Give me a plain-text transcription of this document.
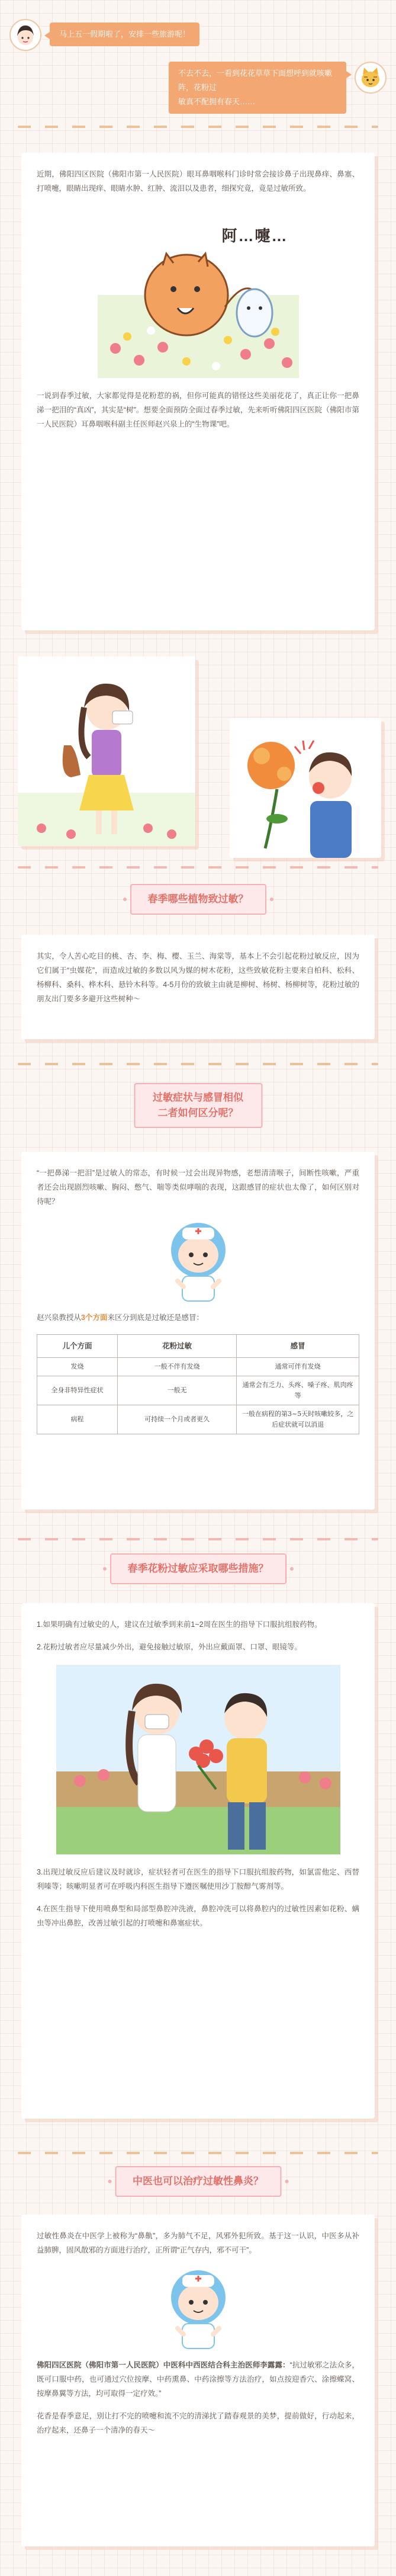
马上五一假期啦了，安排一些旅游呢！
不去不去，一看到花花草草下面想呼到就咳嗽阵，花粉过
敏真不配拥有春天……

近期，佛阳四区医院（佛阳市第一人民医院）眼耳鼻咽喉科门诊时常会接诊鼻子出现鼻痒、鼻塞、打喷嚏，眼睛出现痒、眼睛水肿、红肿、流泪以及患者，细探究竟，竟是过敏所致。

阿…嚏…

一说到春季过敏，大家都觉得是花粉惹的祸，但你可能真的错怪这些美丽花花了，真正让你一把鼻涕一把泪的“真凶”，其实是“树”。想要全面预防全面过春季过敏，先来听听佛阳四区医院（佛阳市第一人民医院）耳鼻咽喉科副主任医师赵兴泉上的“生物课”吧。

春季哪些植物致过敏？

其实，令人苦心吃目的桃、杏、李、梅、樱、玉兰、海棠等，基本上不会引起花粉过敏反应，因为它们属于“虫媒花”，而造成过敏的多数以风为媒的树木花粉，这些致敏花粉主要来自柏科、松科、杨柳科、桑科、桦木科、悬铃木科等。4-5月份的致敏主由就是柳树、杨树、杨柳树等，花粉过敏的朋友出门要多多避开这些树种～

过敏症状与感冒相似
二者如何区分呢？

“一把鼻涕一把泪”是过敏人的常态，有时候一过会出现异物感，老想清清喉子，间断性咳嗽，严重者还会出现剧烈咳嗽、胸闷、憋气、喘等类似哮喘的表现，这跟感冒的症状也太像了，如何区别对待呢？

赵兴泉教授从3个方面来区分到底是过敏还是感冒：

儿个方面	花粉过敏	感冒
发烧	一般不伴有发烧	通常可伴有发烧
全身非特异性症状	一般无	通常会有乏力、头疼、嗓子疼、肌肉疼等
病程	可持续一个月或者更久	一般在病程的第3~5天时咳嗽较多，之后症状就可以消退
春季花粉过敏应采取哪些措施？

1.如果明确有过敏史的人，建议在过敏季到来前1~2周在医生的指导下口服抗组胺药物。

2.花粉过敏者应尽量减少外出，避免接触过敏原，外出应戴面罩、口罩、眼镜等。

3.出现过敏反应后建议及时就诊，症状轻者可在医生的指导下口服抗组胺药物，如氯雷他定、西替利嗪等；咳嗽明显者可在呼吸内科医生指导下遵医嘱使用沙丁胺醇气雾剂等。

4.在医生指导下使用喷鼻型和局部型鼻腔冲洗液，鼻腔冲洗可以将鼻腔内的过敏性因素如花粉、螨虫等冲出鼻腔，改善过敏引起的打喷嚏和鼻塞症状。

中医也可以治疗过敏性鼻炎？

过敏性鼻炎在中医学上被称为“鼻鼽”，多为肺气不足，风邪外犯所致。基于这一认识，中医多从补益肺脾，固风散邪的方面进行治疗，正所谓“正气存内，邪不可干”。

佛阳四区医院（佛阳市第一人民医院）中医科中西医结合科主治医师李露露：“抗过敏邪之法众多，既可口服中药，也可通过穴位按摩、中药熏鼻、中药涂擦等方法治疗，如点按迎香穴、涂擦蝶窝、按摩鼻翼等方法，均可取得一定疗效。”

花香是春季意足，别让打不完的喷嚏和流不完的清涕扰了踏春观景的美梦，提前做好，行动起来，治疗起来，还鼻子一个清净的春天～
